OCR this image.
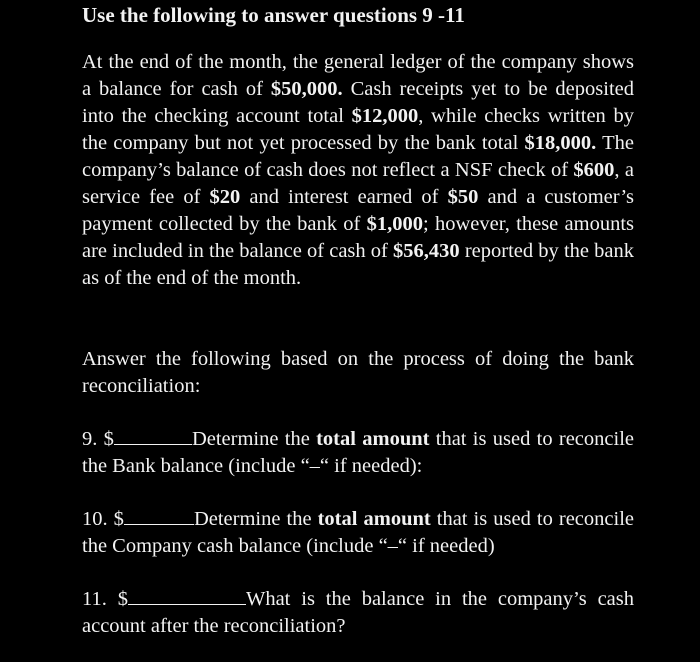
Use the following to answer questions 9 -11
At the end of the month, the general ledger of the company shows a balance for cash of $50,000. Cash receipts yet to be deposited into the checking account total $12,000, while checks written by the company but not yet processed by the bank total $18,000. The company’s balance of cash does not reflect a NSF check of $600, a service fee of $20 and interest earned of $50 and a customer’s payment collected by the bank of $1,000; however, these amounts are included in the balance of cash of $56,430 reported by the bank as of the end of the month.
Answer the following based on the process of doing the bank reconciliation:
9. $	Determine the total amount that is used to reconcile the Bank balance (include “–“ if needed):
10. $	Determine the total amount that is used to reconcile the Company cash balance (include “–“ if needed)
11. $	What is the balance in the company’s cash account after the reconciliation?
